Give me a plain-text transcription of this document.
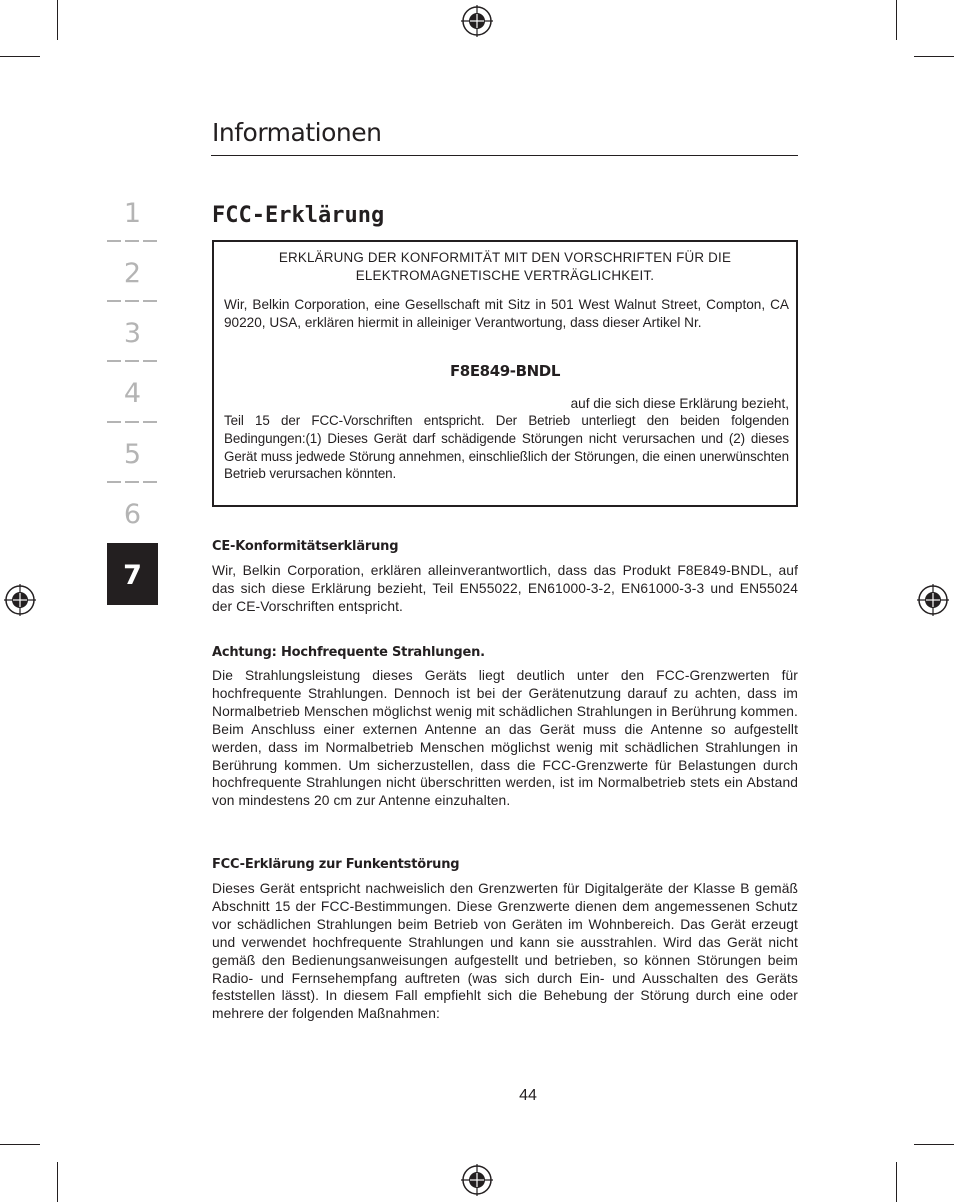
Informationen
1
2
3
4
5
6
7
FCC-Erklärung
ERKLÄRUNG DER KONFORMITÄT MIT DEN VORSCHRIFTEN FÜR DIE ELEKTROMAGNETISCHE VERTRÄGLICHKEIT.
Wir, Belkin Corporation, eine Gesellschaft mit Sitz in 501 West Walnut Street, Compton, CA 90220, USA, erklären hiermit in alleiniger Verantwortung, dass dieser Artikel Nr.
F8E849-BNDL
auf die sich diese Erklärung bezieht,
Teil 15 der FCC-Vorschriften entspricht. Der Betrieb unterliegt den beiden folgenden Bedingungen:(1) Dieses Gerät darf schädigende Störungen nicht verursachen und (2) dieses Gerät muss jedwede Störung annehmen, einschließlich der Störungen, die einen unerwünschten Betrieb verursachen könnten.
CE-Konformitätserklärung
Wir, Belkin Corporation, erklären alleinverantwortlich, dass das Produkt F8E849-BNDL, auf das sich diese Erklärung bezieht, Teil EN55022, EN61000-3-2, EN61000-3-3 und EN55024 der CE-Vorschriften entspricht.
Achtung: Hochfrequente Strahlungen.
Die Strahlungsleistung dieses Geräts liegt deutlich unter den FCC-Grenzwerten für hochfrequente Strahlungen. Dennoch ist bei der Gerätenutzung darauf zu achten, dass im Normalbetrieb Menschen möglichst wenig mit schädlichen Strahlungen in Berührung kommen. Beim Anschluss einer externen Antenne an das Gerät muss die Antenne so aufgestellt werden, dass im Normalbetrieb Menschen möglichst wenig mit schädlichen Strahlungen in Berührung kommen. Um sicherzustellen, dass die FCC-Grenzwerte für Belastungen durch hochfrequente Strahlungen nicht überschritten werden, ist im Normalbetrieb stets ein Abstand von mindestens 20 cm zur Antenne einzuhalten.
FCC-Erklärung zur Funkentstörung
Dieses Gerät entspricht nachweislich den Grenzwerten für Digitalgeräte der Klasse B gemäß Abschnitt 15 der FCC-Bestimmungen. Diese Grenzwerte dienen dem angemessenen Schutz vor schädlichen Strahlungen beim Betrieb von Geräten im Wohnbereich. Das Gerät erzeugt und verwendet hochfrequente Strahlungen und kann sie ausstrahlen. Wird das Gerät nicht gemäß den Bedienungsanweisungen aufgestellt und betrieben, so können Störungen beim Radio- und Fernsehempfang auftreten (was sich durch Ein- und Ausschalten des Geräts feststellen lässt). In diesem Fall empfiehlt sich die Behebung der Störung durch eine oder mehrere der folgenden Maßnahmen:
44
